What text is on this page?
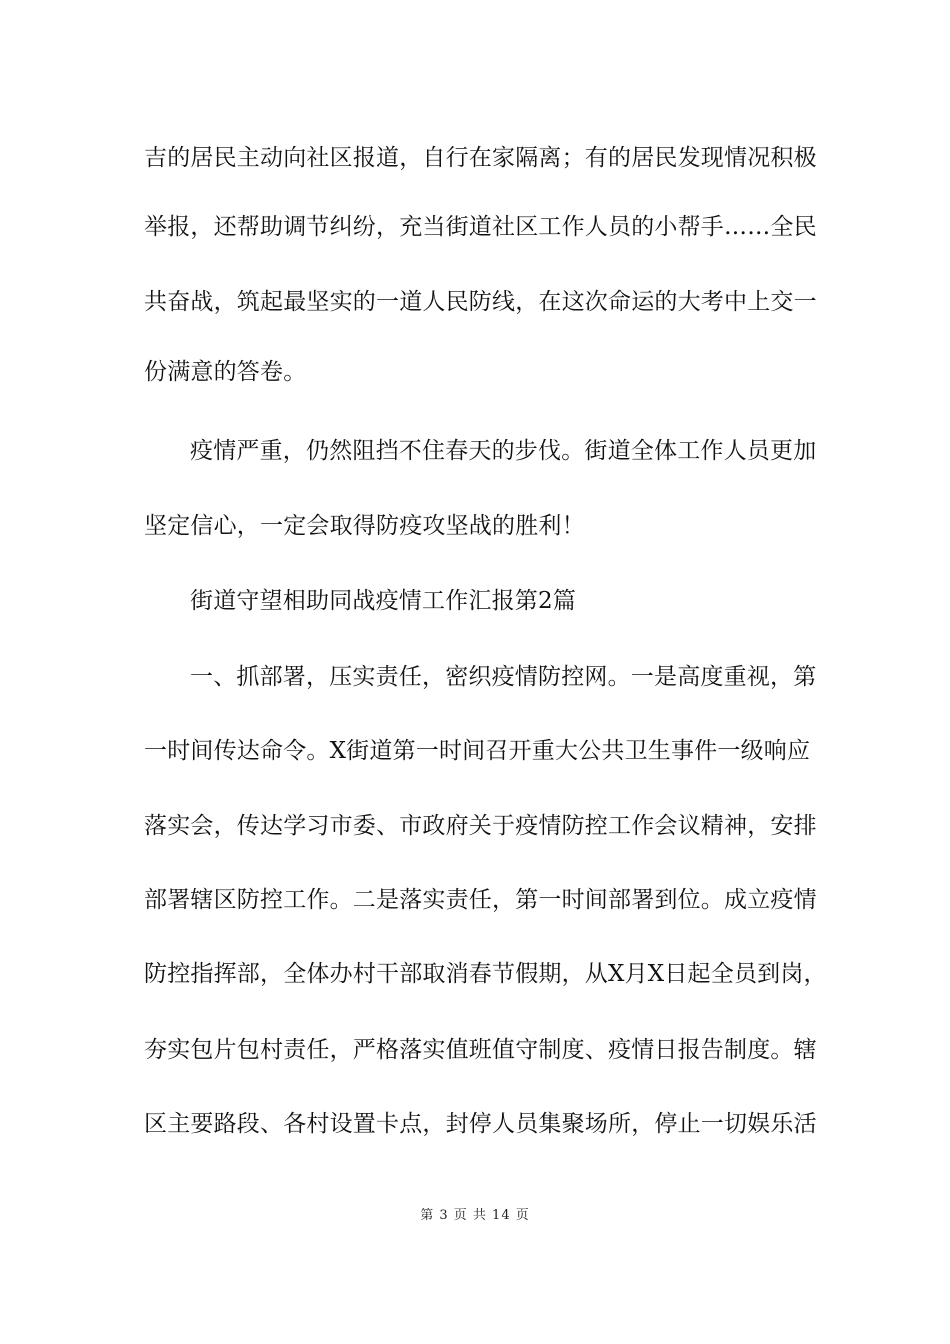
吉的居民主动向社区报道，自行在家隔离；有的居民发现情况积极
举报，还帮助调节纠纷，充当街道社区工作人员的小帮手……全民
共奋战，筑起最坚实的一道人民防线，在这次命运的大考中上交一
份满意的答卷。
疫情严重，仍然阻挡不住春天的步伐。街道全体工作人员更加
坚定信心，一定会取得防疫攻坚战的胜利！
街道守望相助同战疫情工作汇报第2篇
一、抓部署，压实责任，密织疫情防控网。一是高度重视，第
一时间传达命令。X街道第一时间召开重大公共卫生事件一级响应
落实会，传达学习市委、市政府关于疫情防控工作会议精神，安排
部署辖区防控工作。二是落实责任，第一时间部署到位。成立疫情
防控指挥部，全体办村干部取消春节假期，从X月X日起全员到岗，
夯实包片包村责任，严格落实值班值守制度、疫情日报告制度。辖
区主要路段、各村设置卡点，封停人员集聚场所，停止一切娱乐活
第 3 页 共 14 页
